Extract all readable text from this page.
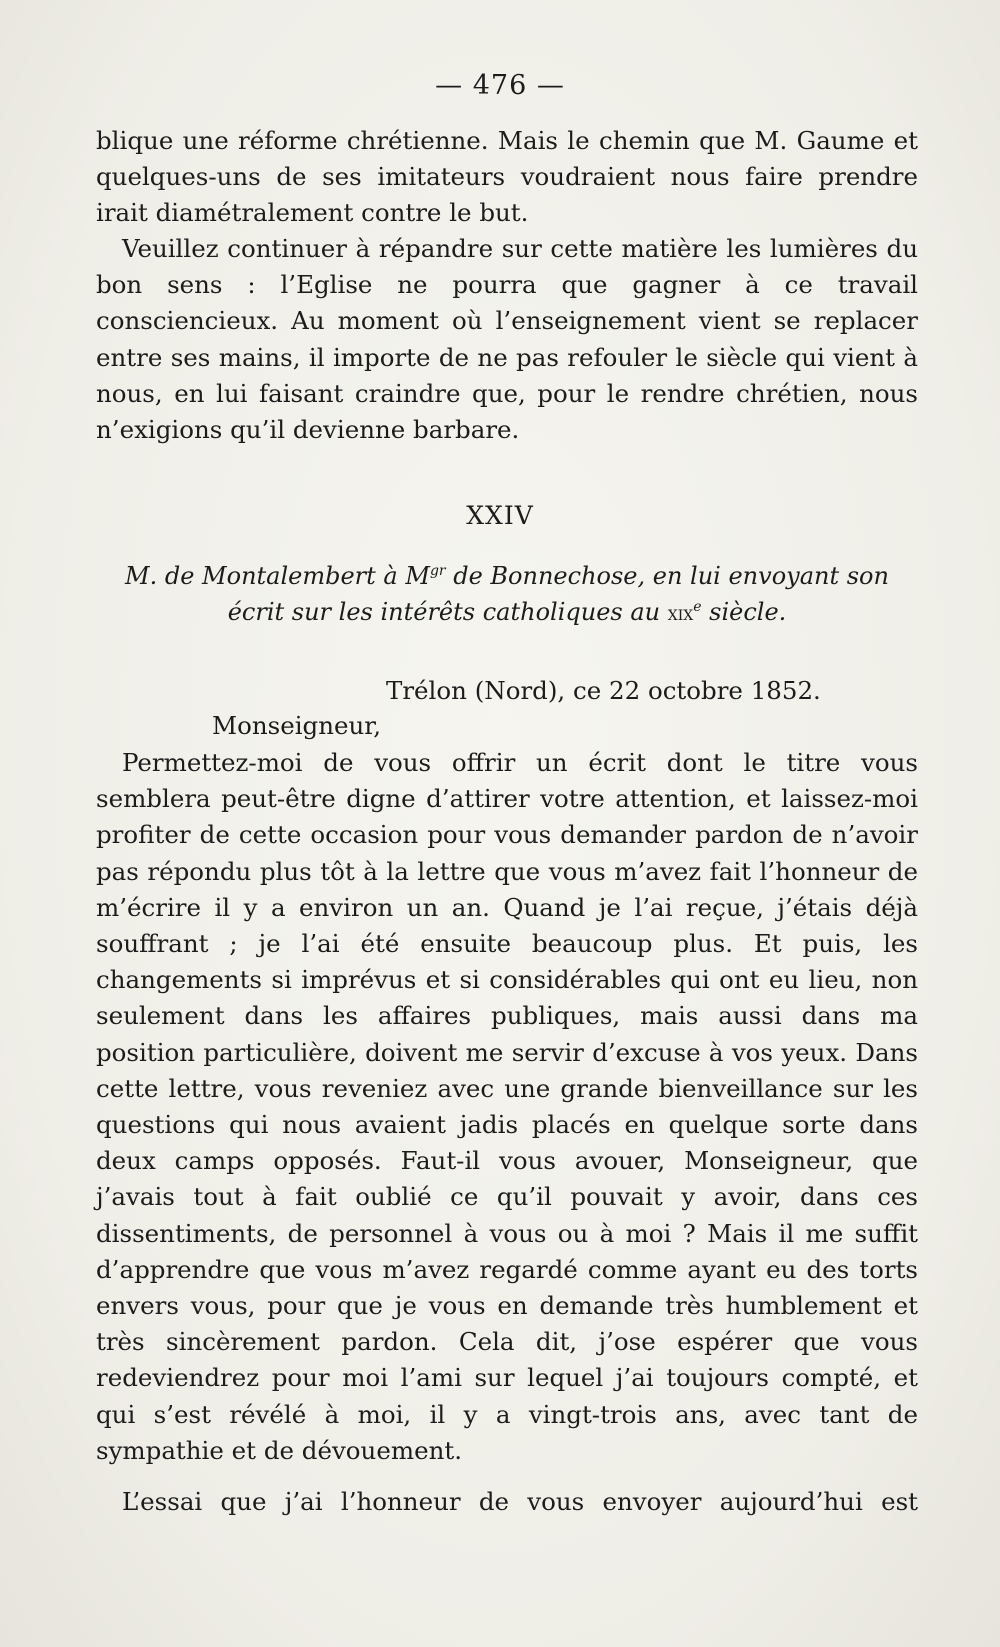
— 476 —

blique une réforme chrétienne. Mais le chemin que M. Gaume et quelques-uns de ses imitateurs voudraient nous faire prendre irait diamétralement contre le but.

Veuillez continuer à répandre sur cette matière les lumières du bon sens : l’Eglise ne pourra que gagner à ce travail consciencieux. Au moment où l’enseignement vient se replacer entre ses mains, il importe de ne pas refouler le siècle qui vient à nous, en lui faisant craindre que, pour le rendre chrétien, nous n’exigions qu’il devienne barbare.

XXIV
M. de Montalembert à $M^{gr}$ de Bonnechose, en lui envoyant son écrit sur les intérêts catholiques au xix$^e$ siècle.
Trélon (Nord), ce 22 octobre 1852.
Monseigneur,

Permettez-moi de vous offrir un écrit dont le titre vous semblera peut-être digne d’attirer votre attention, et laissez-moi profiter de cette occasion pour vous demander pardon de n’avoir pas répondu plus tôt à la lettre que vous m’avez fait l’honneur de m’écrire il y a environ un an. Quand je l’ai reçue, j’étais déjà souffrant ; je l’ai été ensuite beaucoup plus. Et puis, les changements si imprévus et si considérables qui ont eu lieu, non seulement dans les affaires publiques, mais aussi dans ma position particulière, doivent me servir d’excuse à vos yeux. Dans cette lettre, vous reveniez avec une grande bienveillance sur les questions qui nous avaient jadis placés en quelque sorte dans deux camps opposés. Faut-il vous avouer, Monseigneur, que j’avais tout à fait oublié ce qu’il pouvait y avoir, dans ces dissentiments, de personnel à vous ou à moi ? Mais il me suffit d’apprendre que vous m’avez regardé comme ayant eu des torts envers vous, pour que je vous en demande très humblement et très sincèrement pardon. Cela dit, j’ose espérer que vous redeviendrez pour moi l’ami sur lequel j’ai toujours compté, et qui s’est révélé à moi, il y a vingt-trois ans, avec tant de sympathie et de dévouement.

L’essai que j’ai l’honneur de vous envoyer aujourd’hui est
